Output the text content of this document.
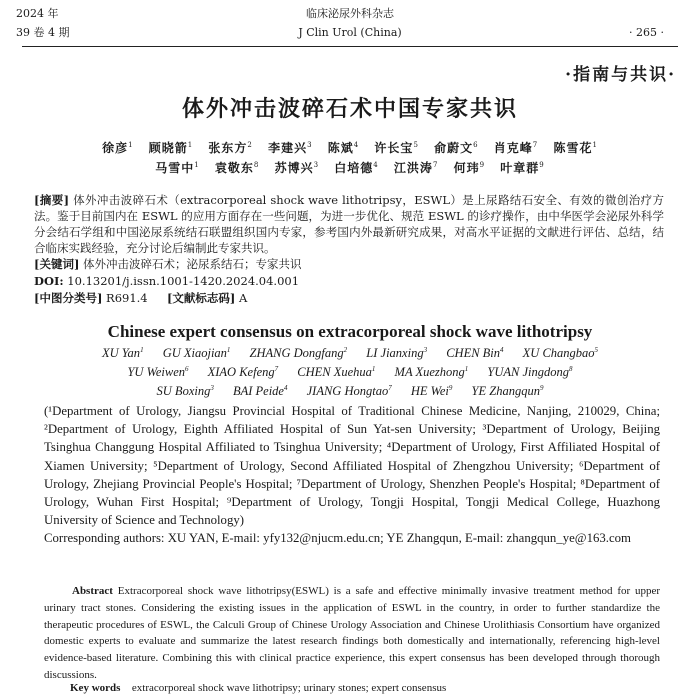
2024 年
39 卷 4 期
临床泌尿外科杂志
J Clin Urol (China)	· 265 ·
·指南与共识·
体外冲击波碎石术中国专家共识
徐彦$^1$ 顾晓箭$^1$ 张东方$^2$ 李建兴$^3$ 陈斌$^4$ 许长宝$^5$ 俞蔚文$^6$ 肖克峰$^7$ 陈雪花$^1$
马雪中$^1$ 袁敬东$^8$ 苏博兴$^3$ 白培德$^4$ 江洪涛$^7$ 何玮$^9$ 叶章群$^9$
[摘要] 体外冲击波碎石术（extracorporeal shock wave lithotripsy，ESWL）是上尿路结石安全、有效的微创治疗方法。鉴于目前国内在 ESWL 的应用方面存在一些问题，为进一步优化、规范 ESWL 的诊疗操作，由中华医学会泌尿外科学分会结石学组和中国泌尿系统结石联盟组织国内专家，参考国内外最新研究成果，对高水平证据的文献进行评估、总结，结合临床实践经验，充分讨论后编制此专家共识。
[关键词] 体外冲击波碎石术；泌尿系结石；专家共识
DOI: 10.13201/j.issn.1001-1420.2024.04.001
[中图分类号] R691.4 [文献标志码] A
Chinese expert consensus on extracorporeal shock wave lithotripsy
XU Yan$^1$ GU Xiaojian$^1$ ZHANG Dongfang$^2$ LI Jianxing$^3$ CHEN Bin$^4$ XU Changbao$^5$
YU Weiwen$^6$ XIAO Kefeng$^7$ CHEN Xuehua$^1$ MA Xuezhong$^1$ YUAN Jingdong$^8$
SU Boxing$^3$ BAI Peide$^4$ JIANG Hongtao$^7$ HE Wei$^9$ YE Zhangqun$^9$
(¹Department of Urology, Jiangsu Provincial Hospital of Traditional Chinese Medicine, Nanjing, 210029, China; ²Department of Urology, Eighth Affiliated Hospital of Sun Yat-sen University; ³Department of Urology, Beijing Tsinghua Changgung Hospital Affiliated to Tsinghua University; ⁴Department of Urology, First Affiliated Hospital of Xiamen University; ⁵Department of Urology, Second Affiliated Hospital of Zhengzhou University; ⁶Department of Urology, Zhejiang Provincial People's Hospital; ⁷Department of Urology, Shenzhen People's Hospital; ⁸Department of Urology, Wuhan First Hospital; ⁹Department of Urology, Tongji Hospital, Tongji Medical College, Huazhong University of Science and Technology)
Corresponding authors: XU YAN, E-mail: yfy132@njucm.edu.cn; YE Zhangqun, E-mail: zhangqun_ye@163.com
Abstract Extracorporeal shock wave lithotripsy(ESWL) is a safe and effective minimally invasive treatment method for upper urinary tract stones. Considering the existing issues in the application of ESWL in the country, in order to further standardize the therapeutic procedures of ESWL, the Calculi Group of Chinese Urology Association and Chinese Urolithiasis Consortium have organized domestic experts to evaluate and summarize the latest research findings both domestically and internationally, referencing high-level evidence-based literature. Combining this with clinical practice experience, this expert consensus has been developed through thorough discussions.
Key words extracorporeal shock wave lithotripsy; urinary stones; expert consensus
